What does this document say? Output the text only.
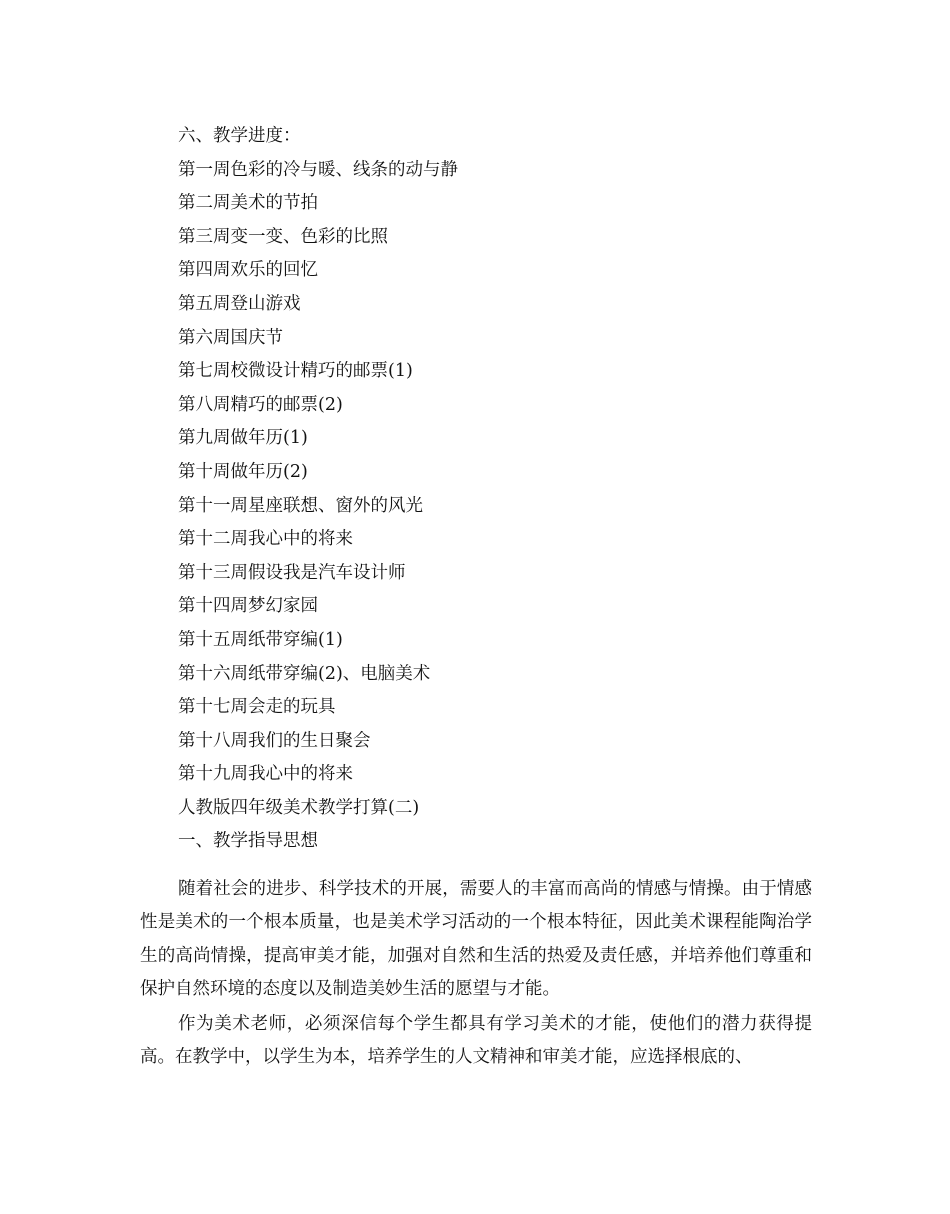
六、教学进度：
第一周色彩的冷与暖、线条的动与静
第二周美术的节拍
第三周变一变、色彩的比照
第四周欢乐的回忆
第五周登山游戏
第六周国庆节
第七周校微设计精巧的邮票(1)
第八周精巧的邮票(2)
第九周做年历(1)
第十周做年历(2)
第十一周星座联想、窗外的风光
第十二周我心中的将来
第十三周假设我是汽车设计师
第十四周梦幻家园
第十五周纸带穿编(1)
第十六周纸带穿编(2)、电脑美术
第十七周会走的玩具
第十八周我们的生日聚会
第十九周我心中的将来
人教版四年级美术教学打算(二)
一、教学指导思想

随着社会的进步、科学技术的开展，需要人的丰富而高尚的情感与情操。由于情感性是美术的一个根本质量，也是美术学习活动的一个根本特征，因此美术课程能陶治学生的高尚情操，提高审美才能，加强对自然和生活的热爱及责任感，并培养他们尊重和保护自然环境的态度以及制造美妙生活的愿望与才能。

作为美术老师，必须深信每个学生都具有学习美术的才能，使他们的潜力获得提高。在教学中，以学生为本，培养学生的人文精神和审美才能，应选择根底的、
